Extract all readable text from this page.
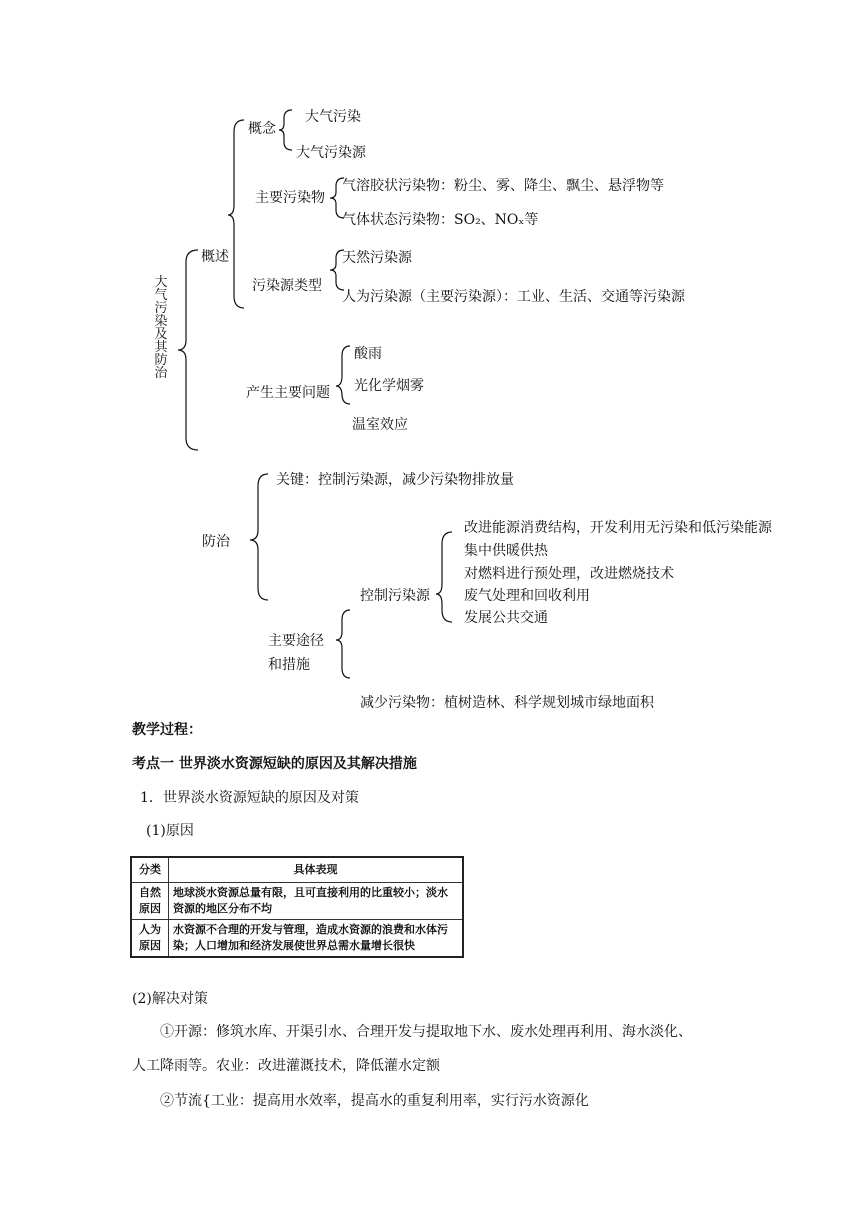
大气污染及其防治
概述
概念
大气污染
大气污染源
主要污染物
气溶胶状污染物：粉尘、雾、降尘、飘尘、悬浮物等
气体状态污染物：SO₂、NOₓ等
污染源类型
天然污染源
人为污染源（主要污染源）：工业、生活、交通等污染源
产生主要问题
酸雨
光化学烟雾
温室效应
防治
关键：控制污染源，减少污染物排放量
控制污染源
改进能源消费结构，开发利用无污染和低污染能源
集中供暖供热
对燃料进行预处理，改进燃烧技术
废气处理和回收利用
发展公共交通
主要途径
和措施
减少污染物：植树造林、科学规划城市绿地面积
教学过程：
考点一 世界淡水资源短缺的原因及其解决措施
1．世界淡水资源短缺的原因及对策
(1)原因
分类	具体表现
自然原因	地球淡水资源总量有限，且可直接利用的比重较小；淡水资源的地区分布不均
人为原因	水资源不合理的开发与管理，造成水资源的浪费和水体污染；人口增加和经济发展使世界总需水量增长很快
(2)解决对策
①开源：修筑水库、开渠引水、合理开发与提取地下水、废水处理再利用、海水淡化、
人工降雨等。农业：改进灌溉技术，降低灌水定额
②节流{工业：提高用水效率，提高水的重复利用率，实行污水资源化
